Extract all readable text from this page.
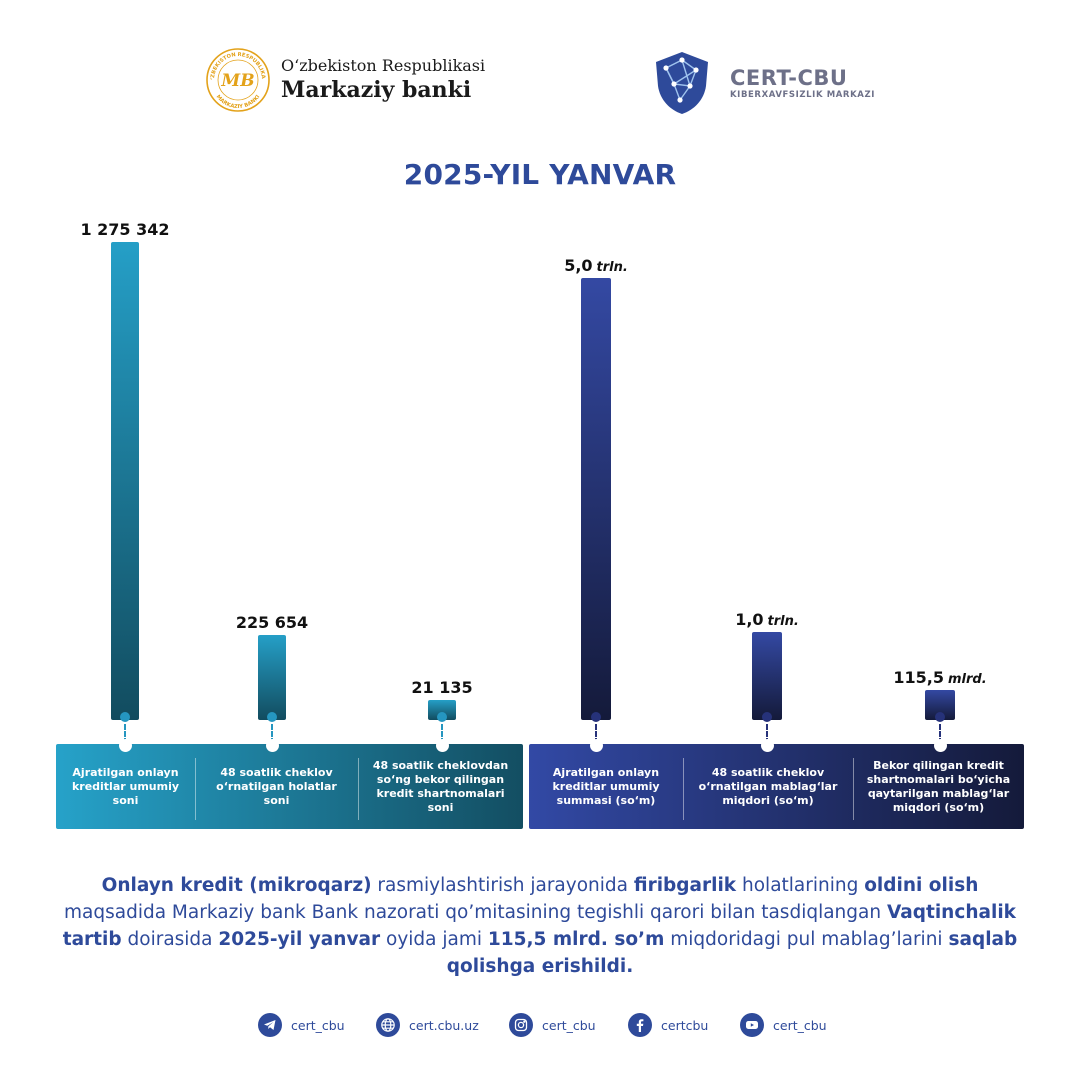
‘ZBEKISTON RESPUBLIKA
MARKAZIY BANKI
MB
O‘zbekiston Respublikasi
Markaziy banki	CERT-CBU
KIBERXAVFSIZLIK MARKAZI
2025-YIL YANVAR
1 275 342
Ajratilgan onlayn kreditlar umumiy soni
225 654
48 soatlik cheklov o‘rnatilgan holatlar soni
21 135
48 soatlik cheklovdan so‘ng bekor qilingan kredit shartnomalari soni
5,0 trln.
Ajratilgan onlayn kreditlar umumiy summasi (so‘m)
1,0 trln.
48 soatlik cheklov o‘rnatilgan mablag‘lar miqdori (so‘m)
115,5 mlrd.
Bekor qilingan kredit shartnomalari bo‘yicha qaytarilgan mablag‘lar miqdori (so‘m)
Onlayn kredit (mikroqarz) rasmiylashtirish jarayonida firibgarlik holatlarining oldini olish maqsadida Markaziy bank Bank nazorati qo’mitasining tegishli qarori bilan tasdiqlangan Vaqtinchalik tartib doirasida 2025-yil yanvar oyida jami 115,5 mlrd. so’m miqdoridagi pul mablag’larini saqlab qolishga erishildi.
cert_cbu	cert.cbu.uz	cert_cbu	certcbu	cert_cbu
